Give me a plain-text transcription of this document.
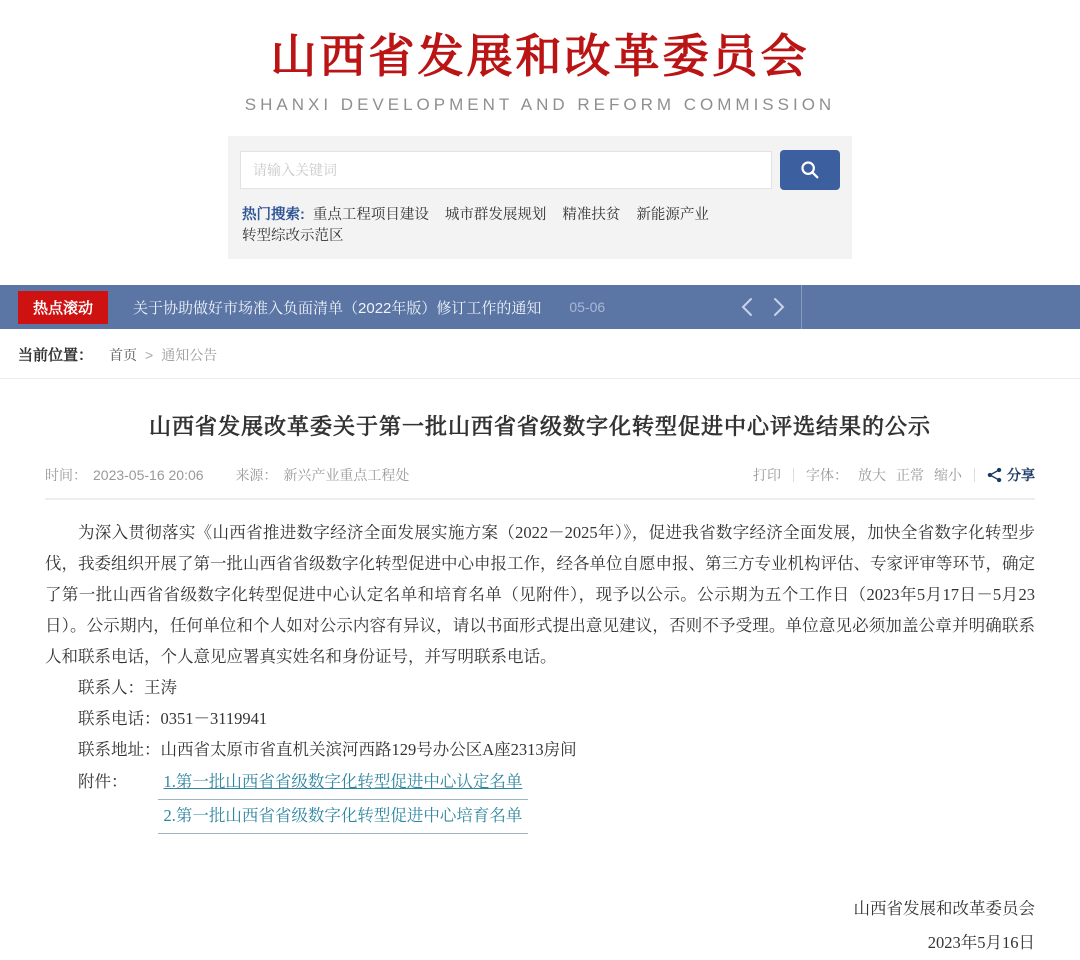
山西省发展和改革委员会
SHANXI DEVELOPMENT AND REFORM COMMISSION
请输入关键词
热门搜索: 重点工程项目建设 城市群发展规划 精准扶贫 新能源产业
转型综改示范区
热点滚动	关于协助做好市场准入负面清单（2022年版）修订工作的通知 05-06
当前位置： 首页 > 通知公告
山西省发展改革委关于第一批山西省省级数字化转型促进中心评选结果的公示
时间： 2023-05-16 20:06 来源： 新兴产业重点工程处	打印 字体： 放大 正常 缩小	分享

为深入贯彻落实《山西省推进数字经济全面发展实施方案（2022－2025年）》，促进我省数字经济全面发展，加快全省数字化转型步伐，我委组织开展了第一批山西省省级数字化转型促进中心申报工作，经各单位自愿申报、第三方专业机构评估、专家评审等环节，确定了第一批山西省省级数字化转型促进中心认定名单和培育名单（见附件），现予以公示。公示期为五个工作日（2023年5月17日－5月23日）。公示期内，任何单位和个人如对公示内容有异议，请以书面形式提出意见建议，否则不予受理。单位意见必须加盖公章并明确联系人和联系电话，个人意见应署真实姓名和身份证号，并写明联系电话。

联系人：王涛
联系电话：0351－3119941
联系地址：山西省太原市省直机关滨河西路129号办公区A座2313房间
附件：	1.第一批山西省省级数字化转型促进中心认定名单
2.第一批山西省省级数字化转型促进中心培育名单
山西省发展和改革委员会
2023年5月16日
